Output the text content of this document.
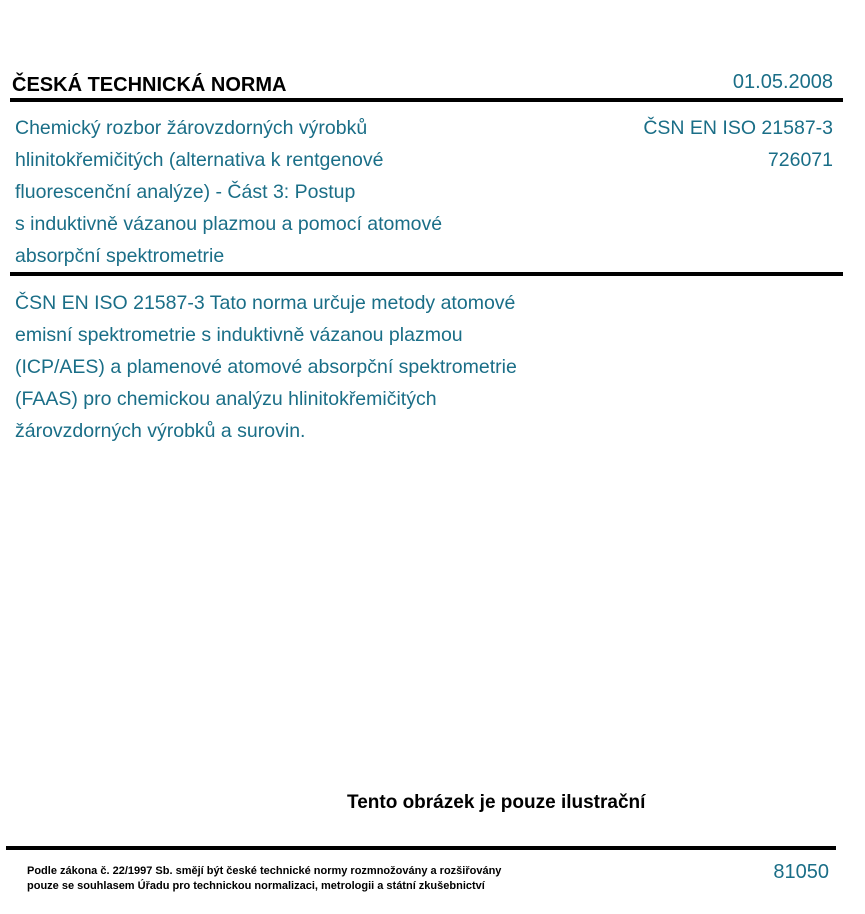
ČESKÁ TECHNICKÁ NORMA	01.05.2008
Chemický rozbor žárovzdorných výrobků
hlinitokřemičitých (alternativa k rentgenové
fluorescenční analýze) - Část 3: Postup
s induktivně vázanou plazmou a pomocí atomové
absorpční spektrometrie
ČSN EN ISO 21587-3
726071
ČSN EN ISO 21587-3 Tato norma určuje metody atomové
emisní spektrometrie s induktivně vázanou plazmou
(ICP/AES) a plamenové atomové absorpční spektrometrie
(FAAS) pro chemickou analýzu hlinitokřemičitých
žárovzdorných výrobků a surovin.
Tento obrázek je pouze ilustrační
Podle zákona č. 22/1997 Sb. smějí být české technické normy rozmnožovány a rozšiřovány
pouze se souhlasem Úřadu pro technickou normalizaci, metrologii a státní zkušebnictví
81050
